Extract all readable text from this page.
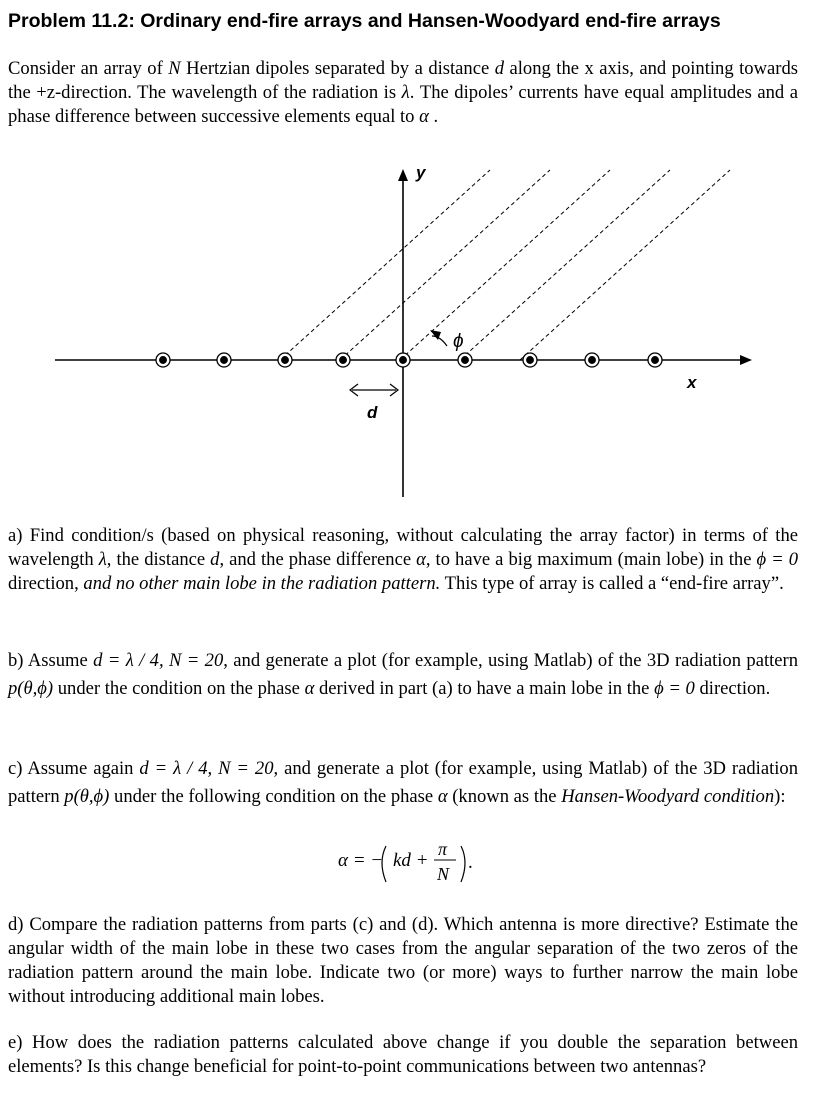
Problem 11.2: Ordinary end-fire arrays and Hansen-Woodyard end-fire arrays
Consider an array of N Hertzian dipoles separated by a distance d along the x axis, and pointing towards the +z-direction. The wavelength of the radiation is λ. The dipoles’ currents have equal amplitudes and a phase difference between successive elements equal to α .
y
x
d
ϕ
a) Find condition/s (based on physical reasoning, without calculating the array factor) in terms of the wavelength λ, the distance d, and the phase difference α, to have a big maximum (main lobe) in the ϕ = 0 direction, and no other main lobe in the radiation pattern. This type of array is called a “end-fire array”.
b) Assume d = λ / 4, N = 20, and generate a plot (for example, using Matlab) of the 3D radiation pattern p(θ,ϕ) under the condition on the phase α derived in part (a) to have a main lobe in the ϕ = 0 direction.
c) Assume again d = λ / 4, N = 20, and generate a plot (for example, using Matlab) of the 3D radiation pattern p(θ,ϕ) under the following condition on the phase α (known as the Hansen-Woodyard condition):
α = − kd +
π
N
.
d) Compare the radiation patterns from parts (c) and (d). Which antenna is more directive? Estimate the angular width of the main lobe in these two cases from the angular separation of the two zeros of the radiation pattern around the main lobe. Indicate two (or more) ways to further narrow the main lobe without introducing additional main lobes.
e) How does the radiation patterns calculated above change if you double the separation between elements? Is this change beneficial for point-to-point communications between two antennas?
